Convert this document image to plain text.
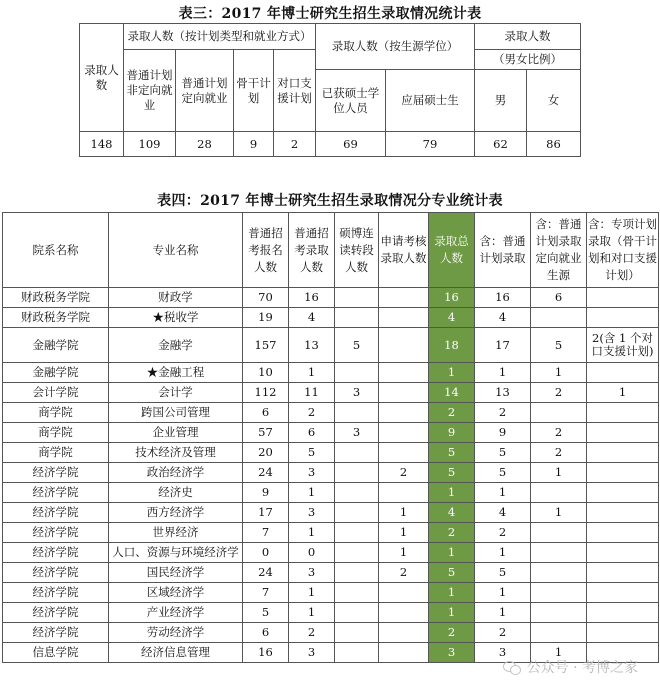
表三：2017 年博士研究生招生录取情况统计表
录取人数	录取人数（按计划类型和就业方式）				录取人数（按生源学位）		录取人数	
	普通计划非定向就业	普通计划定向就业	骨干计划	对口支援计划			（男女比例）	
					已获硕士学位人员	应届硕士生	男	女
148	109	28	9	2	69	79	62	86
表四：2017 年博士研究生招生录取情况分专业统计表
院系名称	专业名称	普通招考报名人数	普通招考录取人数	硕博连读转段人数	申请考核录取人数	录取总人数	含：普通计划录取	含：普通计划录取定向就业生源	含：专项计划录取（骨干计划和对口支援计划）
财政税务学院	财政学	70	16			16	16	6	
财政税务学院	★税收学	19	4			4	4		
金融学院	金融学	157	13	5		18	17	5	2(含 1 个对口支援计划)
金融学院	★金融工程	10	1			1	1	1	
会计学院	会计学	112	11	3		14	13	2	1
商学院	跨国公司管理	6	2			2	2		
商学院	企业管理	57	6	3		9	9	2	
商学院	技术经济及管理	20	5			5	5	2	
经济学院	政治经济学	24	3		2	5	5	1	
经济学院	经济史	9	1			1	1		
经济学院	西方经济学	17	3		1	4	4	1	
经济学院	世界经济	7	1		1	2	2		
经济学院	人口、资源与环境经济学	0	0		1	1	1		
经济学院	国民经济学	24	3		2	5	5		
经济学院	区域经济学	7	1			1	1		
经济学院	产业经济学	5	1			1	1		
经济学院	劳动经济学	6	2			2	2		
信息学院	经济信息管理	16	3			3	3	1	
公众号 · 考博之家
